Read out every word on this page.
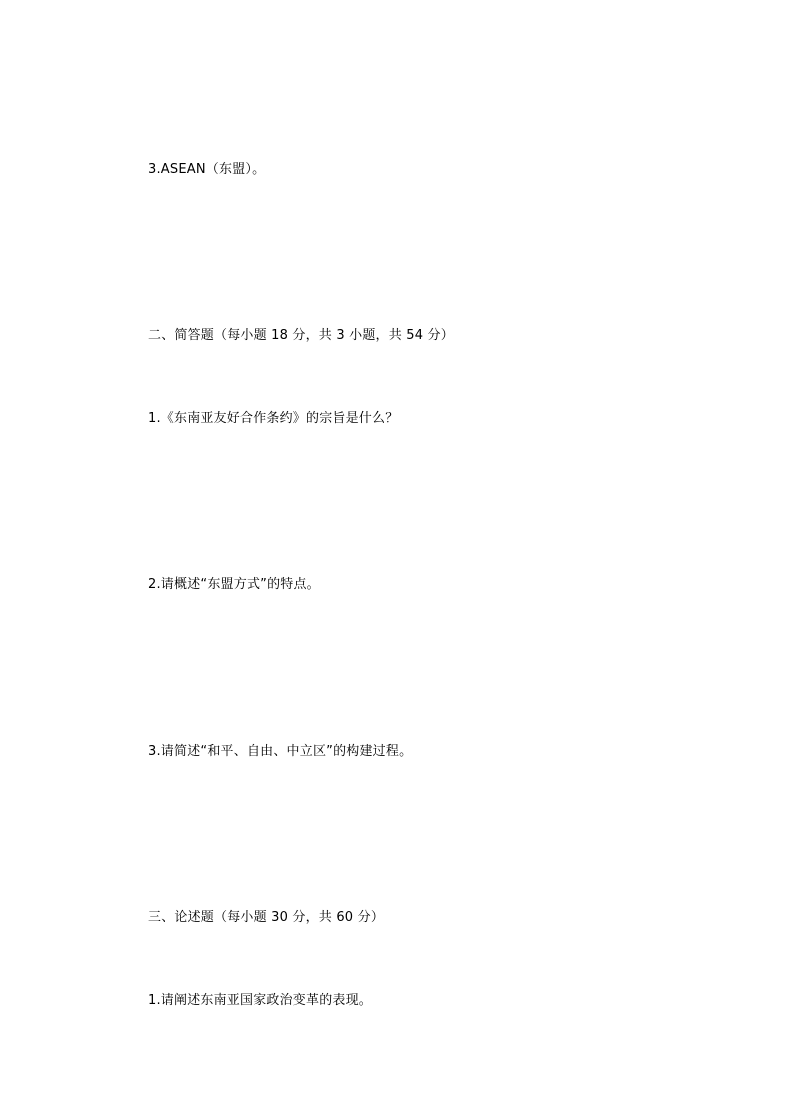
3.ASEAN（东盟）。
二、简答题（每小题 18 分，共 3 小题，共 54 分）
1.《东南亚友好合作条约》的宗旨是什么？
2.请概述“东盟方式”的特点。
3.请简述“和平、自由、中立区”的构建过程。
三、论述题（每小题 30 分，共 60 分）
1.请阐述东南亚国家政治变革的表现。
